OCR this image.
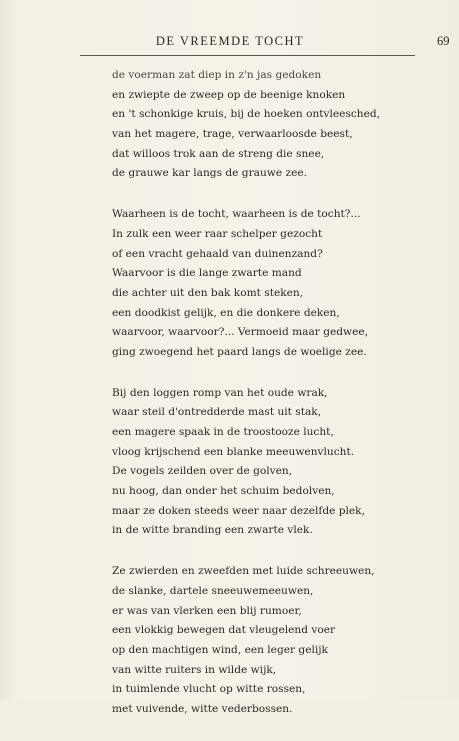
DE VREEMDE TOCHT	69
de voerman zat diep in z'n jas gedoken
en zwiepte de zweep op de beenige knoken
en 't schonkige kruis, bij de hoeken ontvleesched,
van het magere, trage, verwaarloosde beest,
dat willoos trok aan de streng die snee,
de grauwe kar langs de grauwe zee.
Waarheen is de tocht, waarheen is de tocht?...
In zulk een weer raar schelper gezocht
of een vracht gehaald van duinenzand?
Waarvoor is die lange zwarte mand
die achter uit den bak komt steken,
een doodkist gelijk, en die donkere deken,
waarvoor, waarvoor?... Vermoeid maar gedwee,
ging zwoegend het paard langs de woelige zee.
Bij den loggen romp van het oude wrak,
waar steil d'ontredderde mast uit stak,
een magere spaak in de troostooze lucht,
vloog krijschend een blanke meeuwenvlucht.
De vogels zeilden over de golven,
nu hoog, dan onder het schuim bedolven,
maar ze doken steeds weer naar dezelfde plek,
in de witte branding een zwarte vlek.
Ze zwierden en zweefden met luide schreeuwen,
de slanke, dartele sneeuwemeeuwen,
er was van vlerken een blij rumoer,
een vlokkig bewegen dat vleugelend voer
op den machtigen wind, een leger gelijk
van witte ruiters in wilde wijk,
in tuimlende vlucht op witte rossen,
met vuivende, witte vederbossen.
